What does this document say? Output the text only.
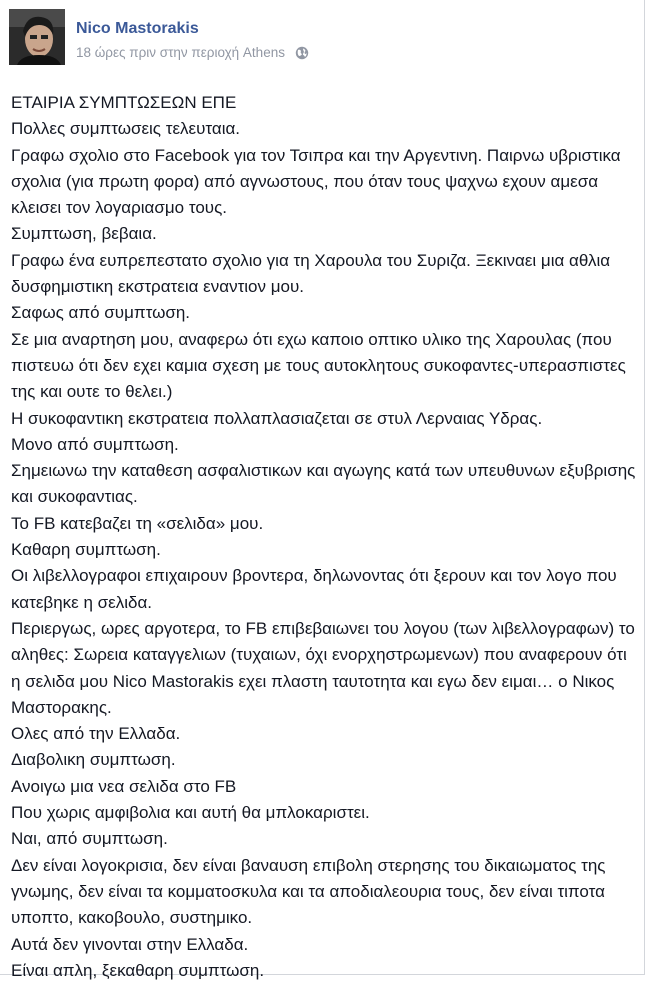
Nico Mastorakis
18 ώρες πριν στην περιοχή Athens

ΕΤΑΙΡΙΑ ΣΥΜΠΤΩΣΕΩΝ ΕΠΕ

Πολλες συμπτωσεις τελευταια.

Γραφω σχολιο στο Facebook για τον Τσιπρα και την Αργεντινη. Παιρνω υβριστικα σχολια (για πρωτη φορα) από αγνωστους, που όταν τους ψαχνω εχουν αμεσα κλεισει τον λογαριασμο τους.

Συμπτωση, βεβαια.

Γραφω ένα ευπρεπεστατο σχολιο για τη Χαρουλα του Συριζα. Ξεκιναει μια αθλια δυσφημιστικη εκστρατεια εναντιον μου.

Σαφως από συμπτωση.

Σε μια αναρτηση μου, αναφερω ότι εχω καποιο οπτικο υλικο της Χαρουλας (που πιστευω ότι δεν εχει καμια σχεση με τους αυτοκλητους συκοφαντες-υπερασπιστες της και ουτε το θελει.)

Η συκοφαντικη εκστρατεια πολλαπλασιαζεται σε στυλ Λερναιας Υδρας.

Μονο από συμπτωση.

Σημειωνω την καταθεση ασφαλιστικων και αγωγης κατά των υπευθυνων εξυβρισης και συκοφαντιας.

Το FB κατεβαζει τη «σελιδα» μου.

Καθαρη συμπτωση.

Οι λιβελλογραφοι επιχαιρουν βροντερα, δηλωνοντας ότι ξερουν και τον λογο που κατεβηκε η σελιδα.

Περιεργως, ωρες αργοτερα, το FB επιβεβαιωνει του λογου (των λιβελλογραφων) το αληθες: Σωρεια καταγγελιων (τυχαιων, όχι ενορχηστρωμενων) που αναφερουν ότι η σελιδα μου Nico Mastorakis εχει πλαστη ταυτοτητα και εγω δεν ειμαι… ο Νικος Μαστορακης.

Ολες από την Ελλαδα.

Διαβολικη συμπτωση.

Ανοιγω μια νεα σελιδα στο FB

Που χωρις αμφιβολια και αυτή θα μπλοκαριστει.

Ναι, από συμπτωση.

Δεν είναι λογοκρισια, δεν είναι βαναυση επιβολη στερησης του δικαιωματος της γνωμης, δεν είναι τα κομματοσκυλα και τα αποδιαλεουρια τους, δεν είναι τιποτα υποπτο, κακοβουλο, συστημικο.

Αυτά δεν γινονται στην Ελλαδα.

Είναι απλη, ξεκαθαρη συμπτωση.
